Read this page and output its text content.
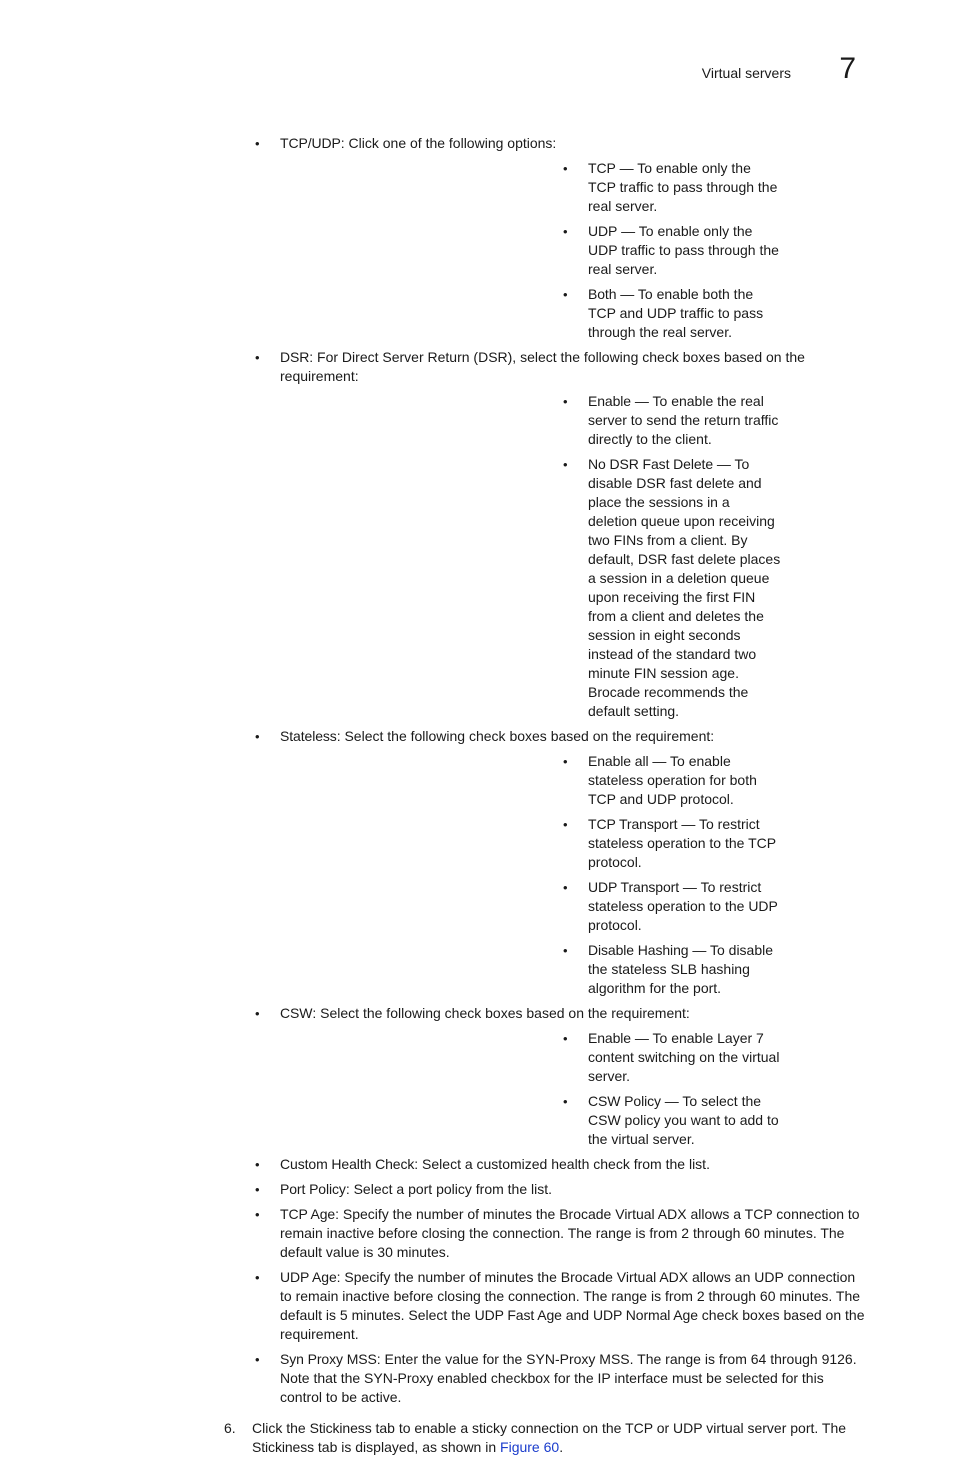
Virtual servers 7
• TCP/UDP: Click one of the following options:
• TCP — To enable only the TCP traffic to pass through the real server.
• UDP — To enable only the UDP traffic to pass through the real server.
• Both — To enable both the TCP and UDP traffic to pass through the real server.
• DSR: For Direct Server Return (DSR), select the following check boxes based on the requirement:
• Enable — To enable the real server to send the return traffic directly to the client.
• No DSR Fast Delete — To disable DSR fast delete and place the sessions in a deletion queue upon receiving two FINs from a client. By default, DSR fast delete places a session in a deletion queue upon receiving the first FIN from a client and deletes the session in eight seconds instead of the standard two minute FIN session age. Brocade recommends the default setting.
• Stateless: Select the following check boxes based on the requirement:
• Enable all — To enable stateless operation for both TCP and UDP protocol.
• TCP Transport — To restrict stateless operation to the TCP protocol.
• UDP Transport — To restrict stateless operation to the UDP protocol.
• Disable Hashing — To disable the stateless SLB hashing algorithm for the port.
• CSW: Select the following check boxes based on the requirement:
• Enable — To enable Layer 7 content switching on the virtual server.
• CSW Policy — To select the CSW policy you want to add to the virtual server.
• Custom Health Check: Select a customized health check from the list.
• Port Policy: Select a port policy from the list.
• TCP Age: Specify the number of minutes the Brocade Virtual ADX allows a TCP connection to remain inactive before closing the connection. The range is from 2 through 60 minutes. The default value is 30 minutes.
• UDP Age: Specify the number of minutes the Brocade Virtual ADX allows an UDP connection to remain inactive before closing the connection. The range is from 2 through 60 minutes. The default is 5 minutes. Select the UDP Fast Age and UDP Normal Age check boxes based on the requirement.
• Syn Proxy MSS: Enter the value for the SYN-Proxy MSS. The range is from 64 through 9126. Note that the SYN-Proxy enabled checkbox for the IP interface must be selected for this control to be active.
6. Click the Stickiness tab to enable a sticky connection on the TCP or UDP virtual server port. The Stickiness tab is displayed, as shown in Figure 60.
